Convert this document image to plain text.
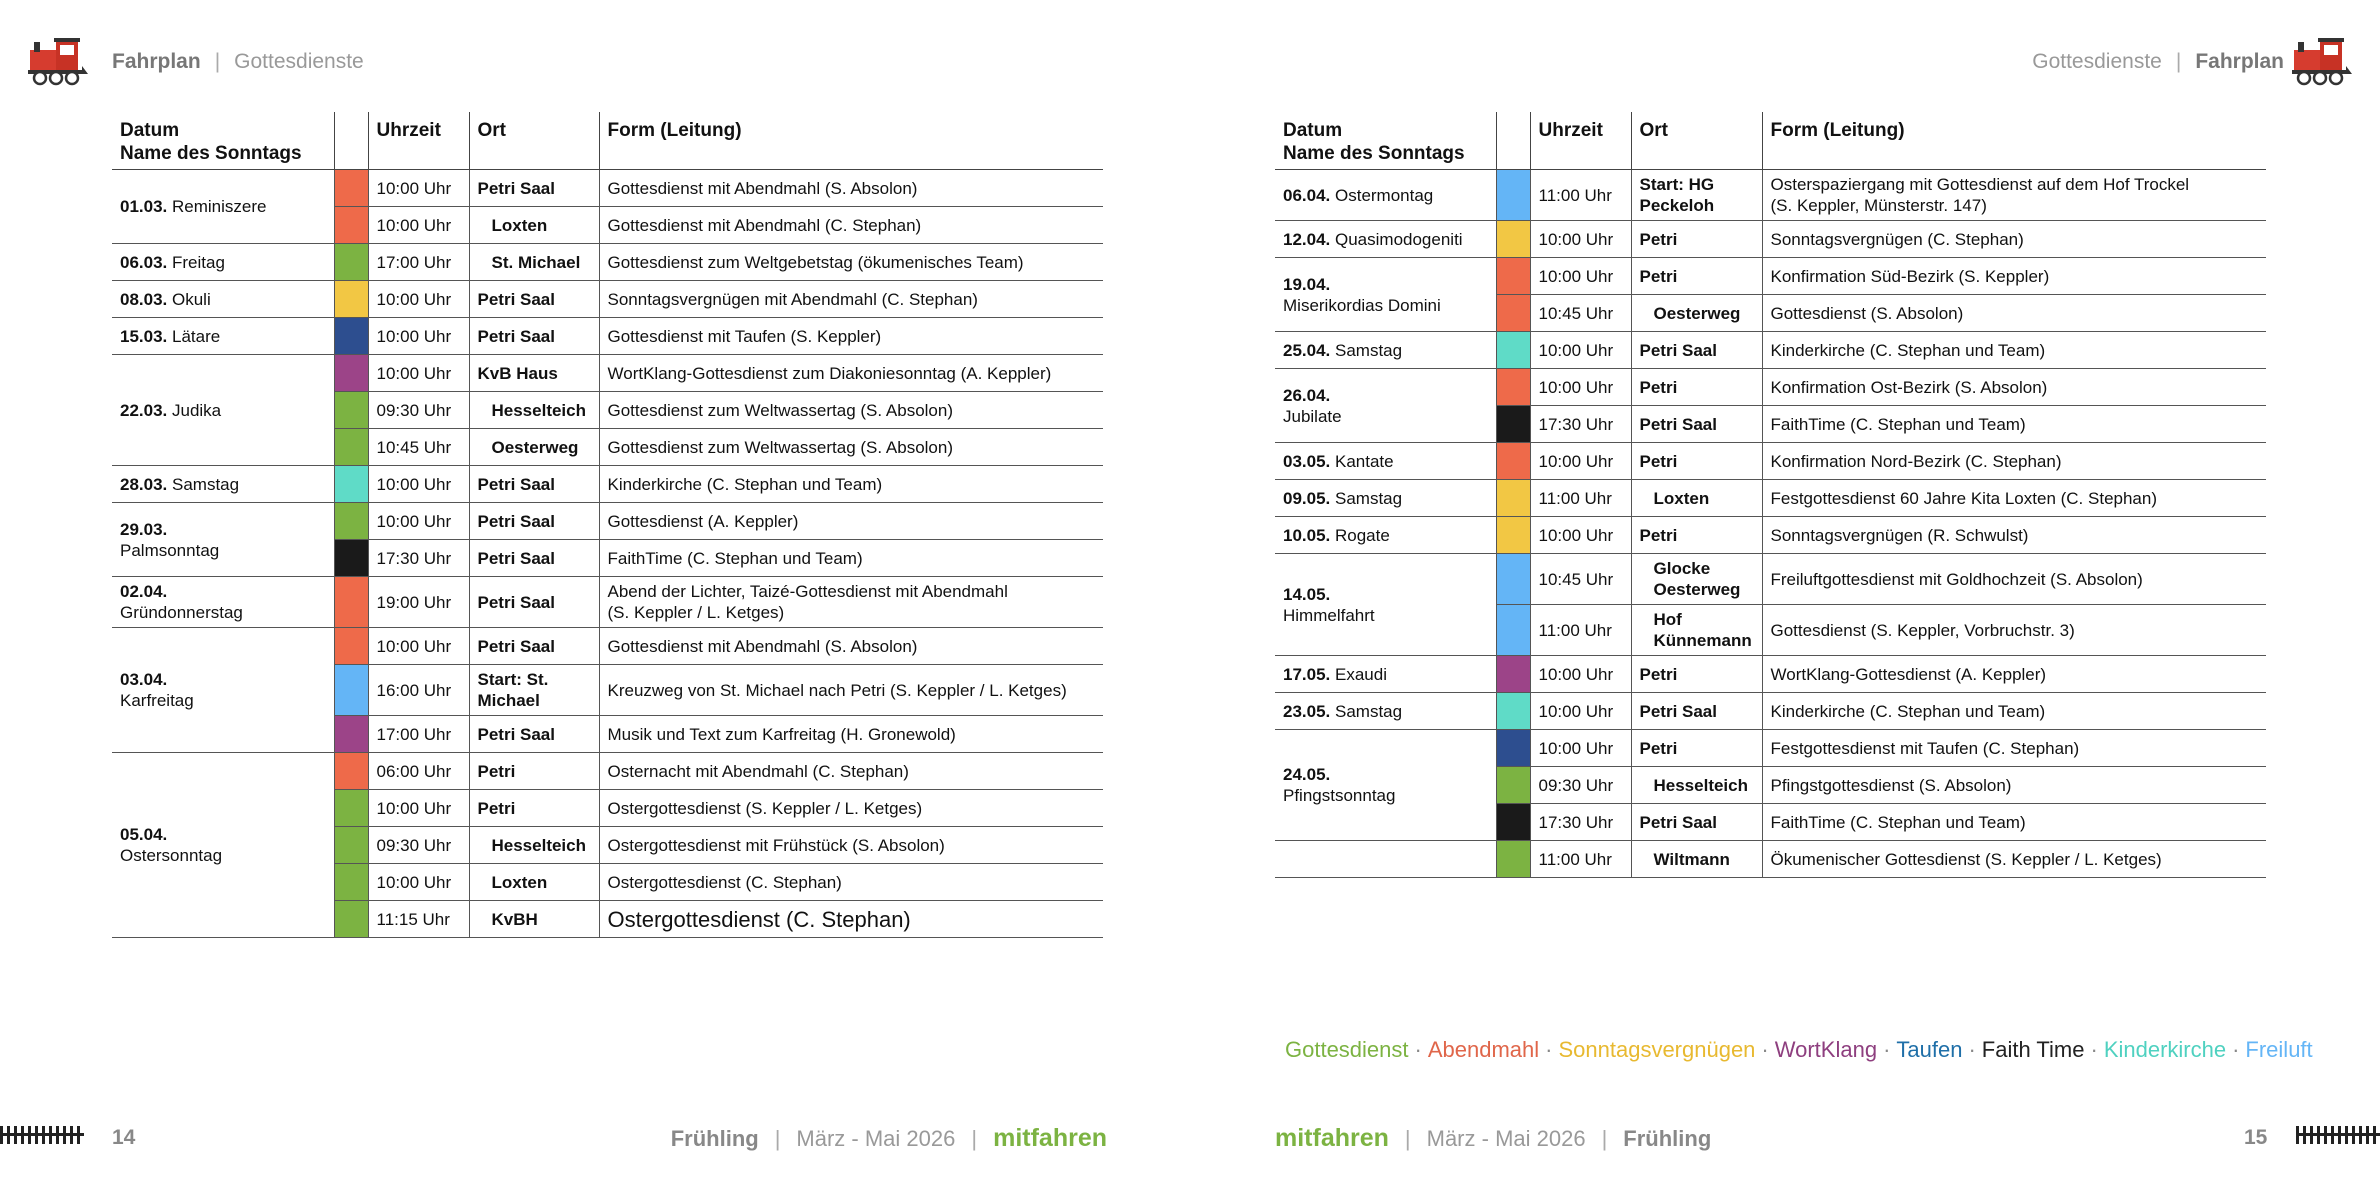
Fahrplan | Gottesdienste	Gottesdienste | Fahrplan
Datum
Name des Sonntags		Uhrzeit	Ort	Form (Leitung)
01.03. Reminiszere		10:00 Uhr	Petri Saal	Gottesdienst mit Abendmahl (S. Absolon)

		10:00 Uhr	Loxten	Gottesdienst mit Abendmahl (C. Stephan)
06.03. Freitag		17:00 Uhr	St. Michael	Gottesdienst zum Weltgebetstag (ökumenisches Team)
08.03. Okuli		10:00 Uhr	Petri Saal	Sonntagsvergnügen mit Abendmahl (C. Stephan)
15.03. Lätare		10:00 Uhr	Petri Saal	Gottesdienst mit Taufen (S. Keppler)
22.03. Judika		10:00 Uhr	KvB Haus	WortKlang-Gottesdienst zum Diakoniesonntag (A. Keppler)

		09:30 Uhr	Hesselteich	Gottesdienst zum Weltwassertag (S. Absolon)

		10:45 Uhr	Oesterweg	Gottesdienst zum Weltwassertag (S. Absolon)
28.03. Samstag		10:00 Uhr	Petri Saal	Kinderkirche (C. Stephan und Team)
29.03.
Palmsonntag		10:00 Uhr	Petri Saal	Gottesdienst (A. Keppler)

		17:30 Uhr	Petri Saal	FaithTime (C. Stephan und Team)
02.04.
Gründonnerstag		19:00 Uhr	Petri Saal	Abend der Lichter, Taizé-Gottesdienst mit Abendmahl
(S. Keppler / L. Ketges)
03.04.
Karfreitag		10:00 Uhr	Petri Saal	Gottesdienst mit Abendmahl (S. Absolon)

		16:00 Uhr	Start: St.
Michael	Kreuzweg von St. Michael nach Petri (S. Keppler / L. Ketges)

		17:00 Uhr	Petri Saal	Musik und Text zum Karfreitag (H. Gronewold)
05.04.
Ostersonntag		06:00 Uhr	Petri	Osternacht mit Abendmahl (C. Stephan)

		10:00 Uhr	Petri	Ostergottesdienst (S. Keppler / L. Ketges)

		09:30 Uhr	Hesselteich	Ostergottesdienst mit Frühstück (S. Absolon)

		10:00 Uhr	Loxten	Ostergottesdienst (C. Stephan)

		11:15 Uhr	KvBH	Ostergottesdienst (C. Stephan)
Datum
Name des Sonntags		Uhrzeit	Ort	Form (Leitung)
06.04. Ostermontag		11:00 Uhr	Start: HG
Peckeloh	Osterspaziergang mit Gottesdienst auf dem Hof Trockel
(S. Keppler, Münsterstr. 147)
12.04. Quasimodogeniti		10:00 Uhr	Petri	Sonntagsvergnügen (C. Stephan)
19.04.
Miserikordias Domini		10:00 Uhr	Petri	Konfirmation Süd-Bezirk (S. Keppler)

		10:45 Uhr	Oesterweg	Gottesdienst (S. Absolon)
25.04. Samstag		10:00 Uhr	Petri Saal	Kinderkirche (C. Stephan und Team)
26.04.
Jubilate		10:00 Uhr	Petri	Konfirmation Ost-Bezirk (S. Absolon)

		17:30 Uhr	Petri Saal	FaithTime (C. Stephan und Team)
03.05. Kantate		10:00 Uhr	Petri	Konfirmation Nord-Bezirk (C. Stephan)
09.05. Samstag		11:00 Uhr	Loxten	Festgottesdienst 60 Jahre Kita Loxten (C. Stephan)
10.05. Rogate		10:00 Uhr	Petri	Sonntagsvergnügen (R. Schwulst)
14.05.
Himmelfahrt		10:45 Uhr	Glocke
Oesterweg	Freiluftgottesdienst mit Goldhochzeit (S. Absolon)

		11:00 Uhr	Hof
Künnemann	Gottesdienst (S. Keppler, Vorbruchstr. 3)
17.05. Exaudi		10:00 Uhr	Petri	WortKlang-Gottesdienst (A. Keppler)
23.05. Samstag		10:00 Uhr	Petri Saal	Kinderkirche (C. Stephan und Team)
24.05.
Pfingstsonntag		10:00 Uhr	Petri	Festgottesdienst mit Taufen (C. Stephan)

		09:30 Uhr	Hesselteich	Pfingstgottesdienst (S. Absolon)

		17:30 Uhr	Petri Saal	FaithTime (C. Stephan und Team)

	11:00 Uhr	Wiltmann	Ökumenischer Gottesdienst (S. Keppler / L. Ketges)
Gottesdienst · Abendmahl · Sonntagsvergnügen · WortKlang · Taufen · Faith Time · Kinderkirche · Freiluft
14	Frühling | März - Mai 2026 | mitfahren	mitfahren | März - Mai 2026 | Frühling	15
